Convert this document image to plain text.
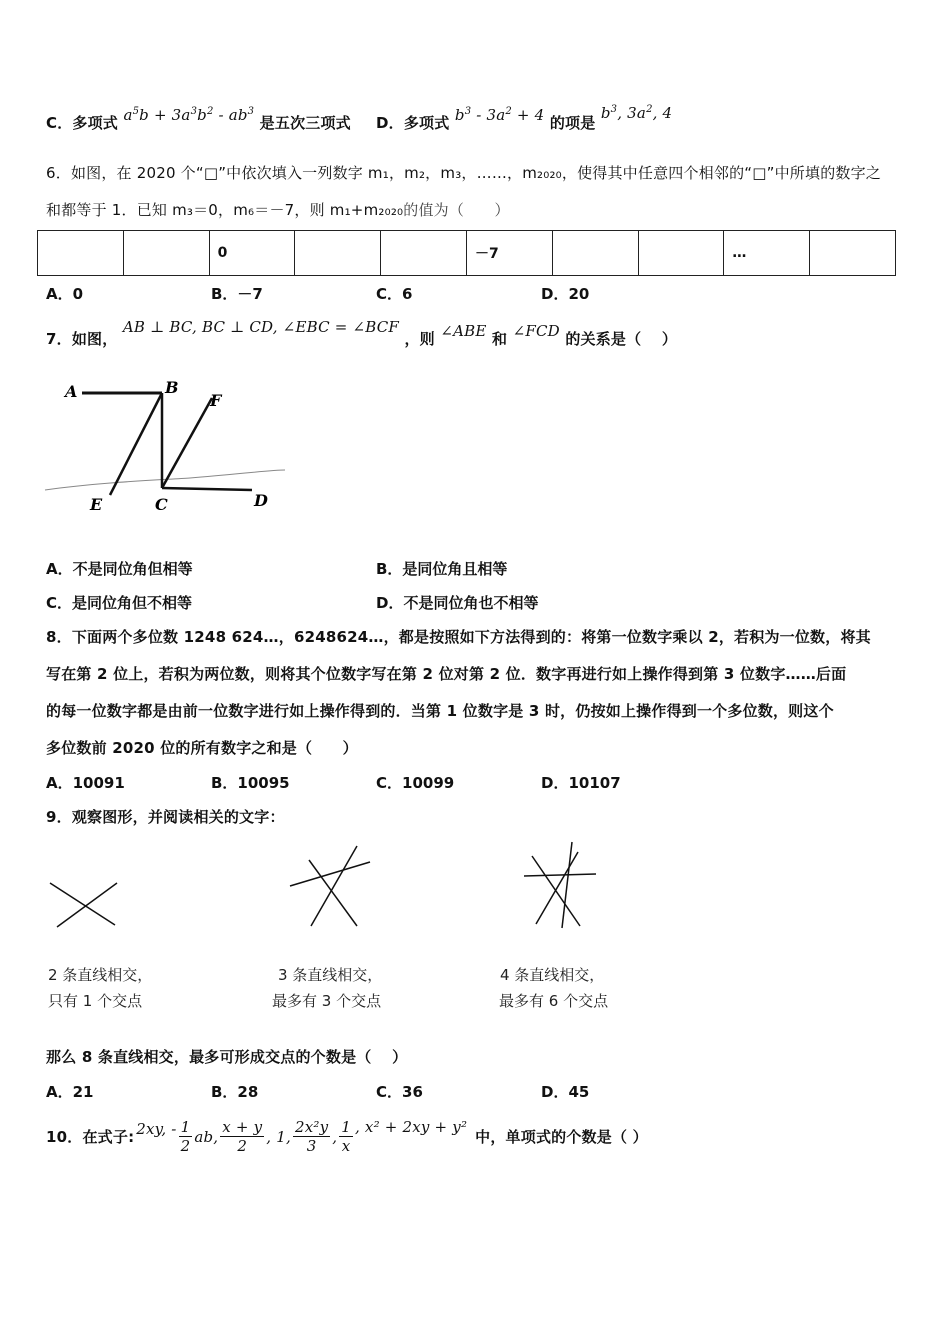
C．多项式 $a^5b + 3a^3b^2 - ab^3$ 是五次三项式 D．多项式 $b^3 - 3a^2 + 4$ 的项是 $b^3$, $3a^2$, 4
6．如图，在 2020 个“□”中依次填入一列数字 m₁，m₂，m₃，……，m₂₀₂₀，使得其中任意四个相邻的“□”中所填的数字之
和都等于 1．已知 m₃＝0，m₆＝－7，则 m₁+m₂₀₂₀的值为（　　）
		0			－7			…	
A．0	B．－7	C．6	D．20
7．如图， AB ⊥ BC, BC ⊥ CD, ∠EBC = ∠BCF ，则 ∠ABE 和 ∠FCD 的关系是（　 ）
A	B
F
E	C	D
A．不是同位角但相等	B．是同位角且相等
C．是同位角但不相等	D．不是同位角也不相等
8．下面两个多位数 1248 624…，6248624…，都是按照如下方法得到的：将第一位数字乘以 2，若积为一位数，将其
写在第 2 位上，若积为两位数，则将其个位数字写在第 2 位对第 2 位．数字再进行如上操作得到第 3 位数字……后面
的每一位数字都是由前一位数字进行如上操作得到的．当第 1 位数字是 3 时，仍按如上操作得到一个多位数，则这个
多位数前 2020 位的所有数字之和是（　　）
A．10091	B．10095	C．10099	D．10107
9．观察图形，并阅读相关的文字：
2 条直线相交，
只有 1 个交点
3 条直线相交，
最多有 3 个交点
4 条直线相交，
最多有 6 个交点
那么 8 条直线相交，最多可形成交点的个数是（　 ）
A．21	B．28	C．36	D．45
10．在式子: 2xy, - $\frac{1}{2}$ ab, $\frac{x + y}{2}$ , 1, $\frac{\text{2x²y}}{3}$ , $\frac{1}{x}$ , x² + 2xy + y²
中，单项式的个数是（ ）
